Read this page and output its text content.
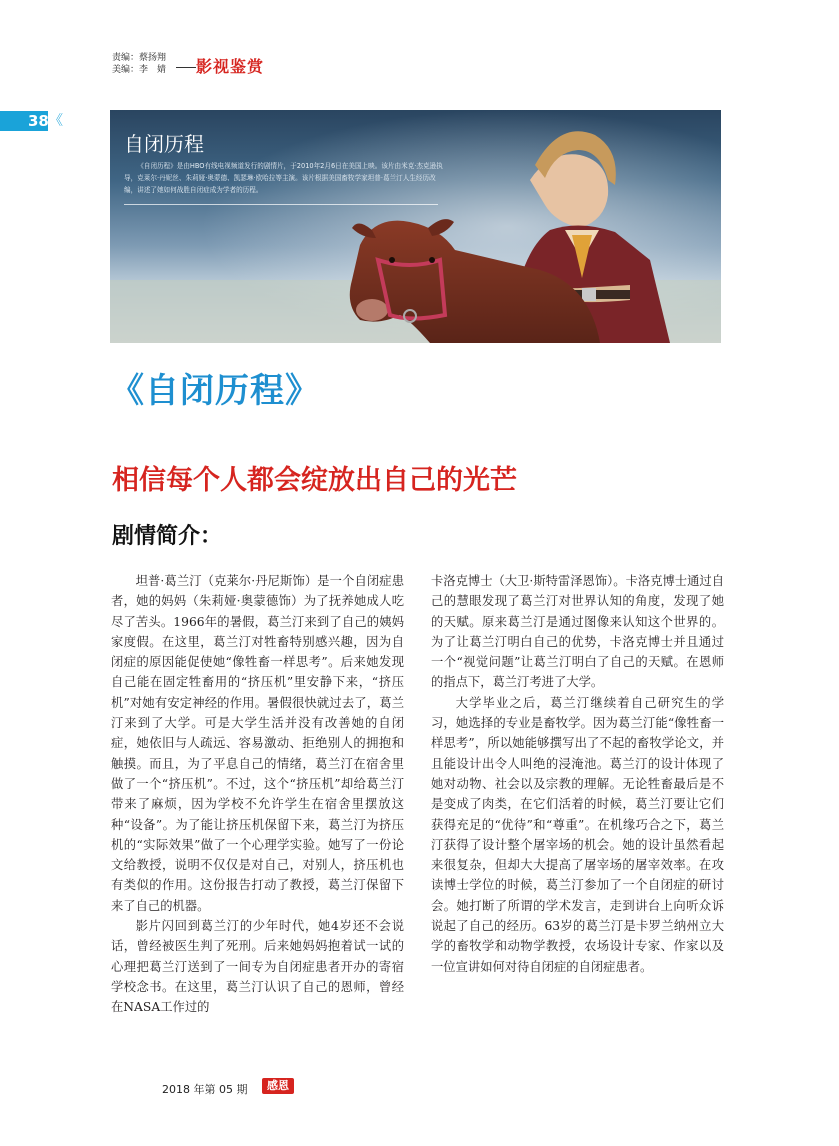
责编：蔡扬翔
美编：李　婧 影视鉴赏
38 《
自闭历程
《自闭历程》是由HBO有线电视频道发行的剧情片，于2010年2月6日在美国上映。该片由米克·杰克逊执导，克莱尔·丹妮丝、朱莉娅·奥蒙德、凯瑟琳·欧哈拉等主演。该片根据美国畜牧学家坦普·葛兰汀人生经历改编，讲述了她如何战胜自闭症成为学者的历程。
《自闭历程》
相信每个人都会绽放出自己的光芒
剧情简介：

坦普·葛兰汀（克莱尔·丹尼斯饰）是一个自闭症患者，她的妈妈（朱莉娅·奥蒙德饰）为了抚养她成人吃尽了苦头。1966年的暑假，葛兰汀来到了自己的姨妈家度假。在这里，葛兰汀对牲畜特别感兴趣，因为自闭症的原因能促使她“像牲畜一样思考”。后来她发现自己能在固定牲畜用的“挤压机”里安静下来，“挤压机”对她有安定神经的作用。暑假很快就过去了，葛兰汀来到了大学。可是大学生活并没有改善她的自闭症，她依旧与人疏远、容易激动、拒绝别人的拥抱和触摸。而且，为了平息自己的情绪，葛兰汀在宿舍里做了一个“挤压机”。不过，这个“挤压机”却给葛兰汀带来了麻烦，因为学校不允许学生在宿舍里摆放这种“设备”。为了能让挤压机保留下来，葛兰汀为挤压机的“实际效果”做了一个心理学实验。她写了一份论文给教授，说明不仅仅是对自己，对别人，挤压机也有类似的作用。这份报告打动了教授，葛兰汀保留下来了自己的机器。

影片闪回到葛兰汀的少年时代，她4岁还不会说话，曾经被医生判了死刑。后来她妈妈抱着试一试的心理把葛兰汀送到了一间专为自闭症患者开办的寄宿学校念书。在这里，葛兰汀认识了自己的恩师，曾经在NASA工作过的

卡洛克博士（大卫·斯特雷泽恩饰）。卡洛克博士通过自己的慧眼发现了葛兰汀对世界认知的角度，发现了她的天赋。原来葛兰汀是通过图像来认知这个世界的。为了让葛兰汀明白自己的优势，卡洛克博士并且通过一个“视觉问题”让葛兰汀明白了自己的天赋。在恩师的指点下，葛兰汀考进了大学。

大学毕业之后，葛兰汀继续着自己研究生的学习，她选择的专业是畜牧学。因为葛兰汀能“像牲畜一样思考”，所以她能够撰写出了不起的畜牧学论文，并且能设计出令人叫绝的浸淹池。葛兰汀的设计体现了她对动物、社会以及宗教的理解。无论牲畜最后是不是变成了肉类，在它们活着的时候，葛兰汀要让它们获得充足的“优待”和“尊重”。在机缘巧合之下，葛兰汀获得了设计整个屠宰场的机会。她的设计虽然看起来很复杂，但却大大提高了屠宰场的屠宰效率。在攻读博士学位的时候，葛兰汀参加了一个自闭症的研讨会。她打断了所谓的学术发言，走到讲台上向听众诉说起了自己的经历。63岁的葛兰汀是卡罗兰纳州立大学的畜牧学和动物学教授，农场设计专家、作家以及一位宣讲如何对待自闭症的自闭症患者。

2018 年第 05 期	感恩
